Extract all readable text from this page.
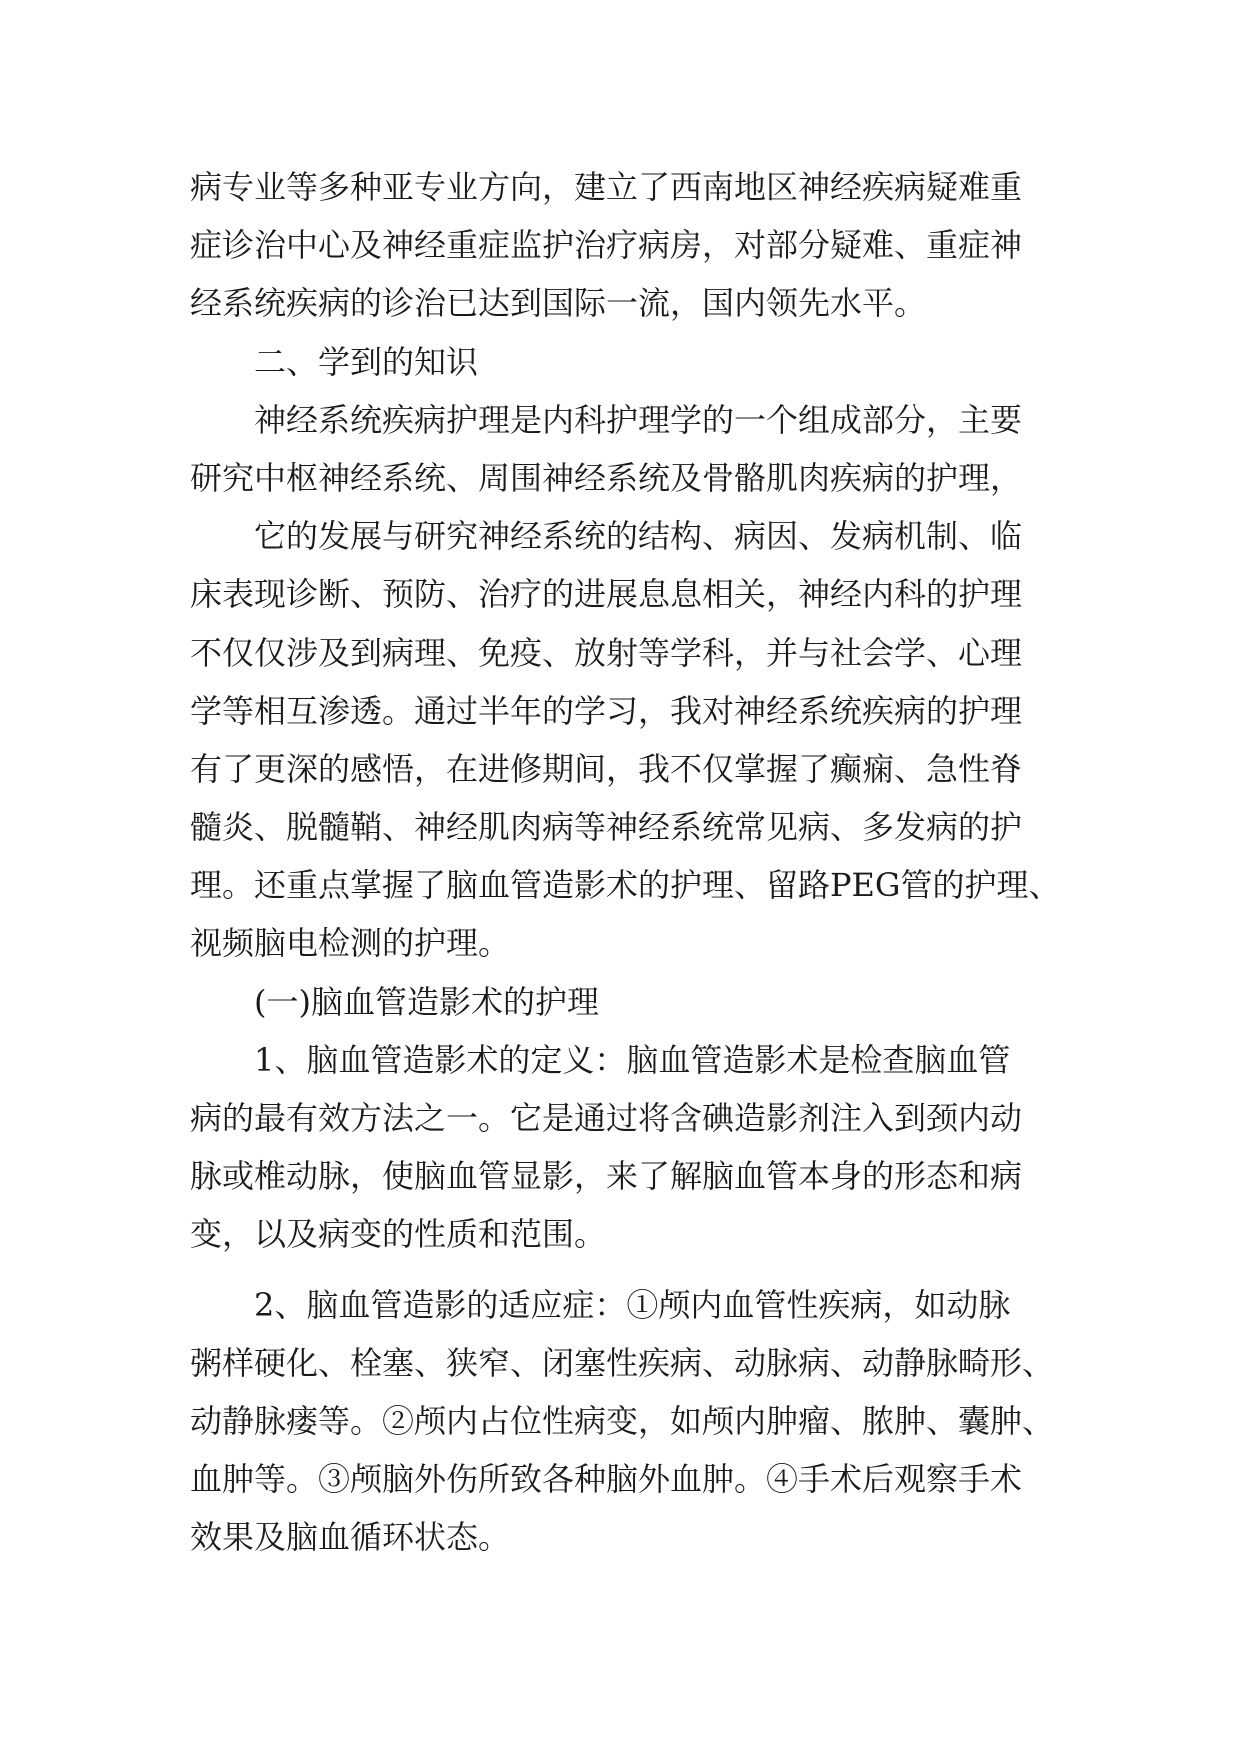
病专业等多种亚专业方向，建立了西南地区神经疾病疑难重
症诊治中心及神经重症监护治疗病房，对部分疑难、重症神
经系统疾病的诊治已达到国际一流，国内领先水平。
二、学到的知识
神经系统疾病护理是内科护理学的一个组成部分，主要
研究中枢神经系统、周围神经系统及骨骼肌肉疾病的护理，
它的发展与研究神经系统的结构、病因、发病机制、临
床表现诊断、预防、治疗的进展息息相关，神经内科的护理
不仅仅涉及到病理、免疫、放射等学科，并与社会学、心理
学等相互渗透。通过半年的学习，我对神经系统疾病的护理
有了更深的感悟，在进修期间，我不仅掌握了癫痫、急性脊
髓炎、脱髓鞘、神经肌肉病等神经系统常见病、多发病的护
理。还重点掌握了脑血管造影术的护理、留路PEG管的护理、
视频脑电检测的护理。
(一)脑血管造影术的护理
1、脑血管造影术的定义：脑血管造影术是检查脑血管
病的最有效方法之一。它是通过将含碘造影剂注入到颈内动
脉或椎动脉，使脑血管显影，来了解脑血管本身的形态和病
变，以及病变的性质和范围。
2、脑血管造影的适应症：①颅内血管性疾病，如动脉
粥样硬化、栓塞、狭窄、闭塞性疾病、动脉病、动静脉畸形、
动静脉瘘等。②颅内占位性病变，如颅内肿瘤、脓肿、囊肿、
血肿等。③颅脑外伤所致各种脑外血肿。④手术后观察手术
效果及脑血循环状态。
